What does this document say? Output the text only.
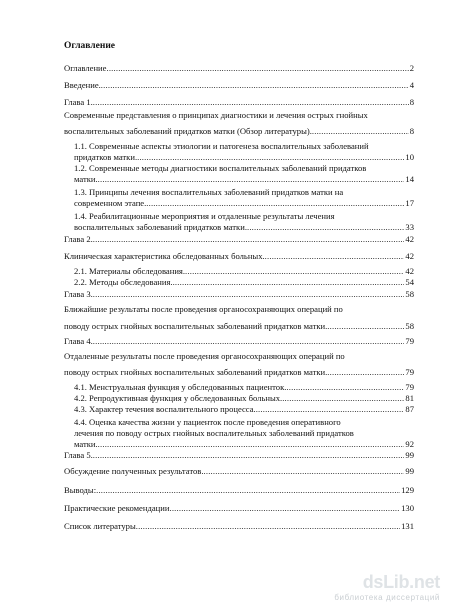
Оглавление
Оглавление .....	2
Введение. .....	4
Глава 1. .....	8
Современные представления о принципах диагностики и лечения острых гнойных
воспалительных заболеваний придатков матки (Обзор литературы). .....	8
1.1. Современные аспекты этиологии и патогенеза воспалительных заболеваний
придатков матки. .....	10
1.2. Современные методы диагностики воспалительных заболеваний придатков
матки. .....	14
1.3. Принципы лечения воспалительных заболеваний придатков матки на
современном этапе. .....	17
1.4. Реабилитационные мероприятия и отдаленные результаты лечения
воспалительных заболеваний придатков матки. .....	33
Глава 2. .....	42
Клиническая характеристика обследованных больных. .....	42
2.1. Материалы обследования. .....	42
2.2. Методы обследования. .....	54
Глава 3. .....	58
Ближайшие результаты после проведения органосохраняющих операций по
поводу острых гнойных воспалительных заболеваний придатков матки. .....	58
Глава 4. .....	79
Отдаленные результаты после проведения органосохраняющих операций по
поводу острых гнойных воспалительных заболеваний придатков матки. .....	79
4.1. Менструальная функция у обследованных пациенток. .....	79
4.2. Репродуктивная функция у обследованных больных. .....	81
4.3. Характер течения воспалительного процесса. .....	87
4.4. Оценка качества жизни у пациенток после проведения оперативного
лечения по поводу острых гнойных воспалительных заболеваний придатков
матки. .....	92
Глава 5. .....	99
Обсуждение полученных результатов. .....	99
Выводы: .....	129
Практические рекомендации .....	130
Список литературы .....	131
dsLib.net
библиотека диссертаций
